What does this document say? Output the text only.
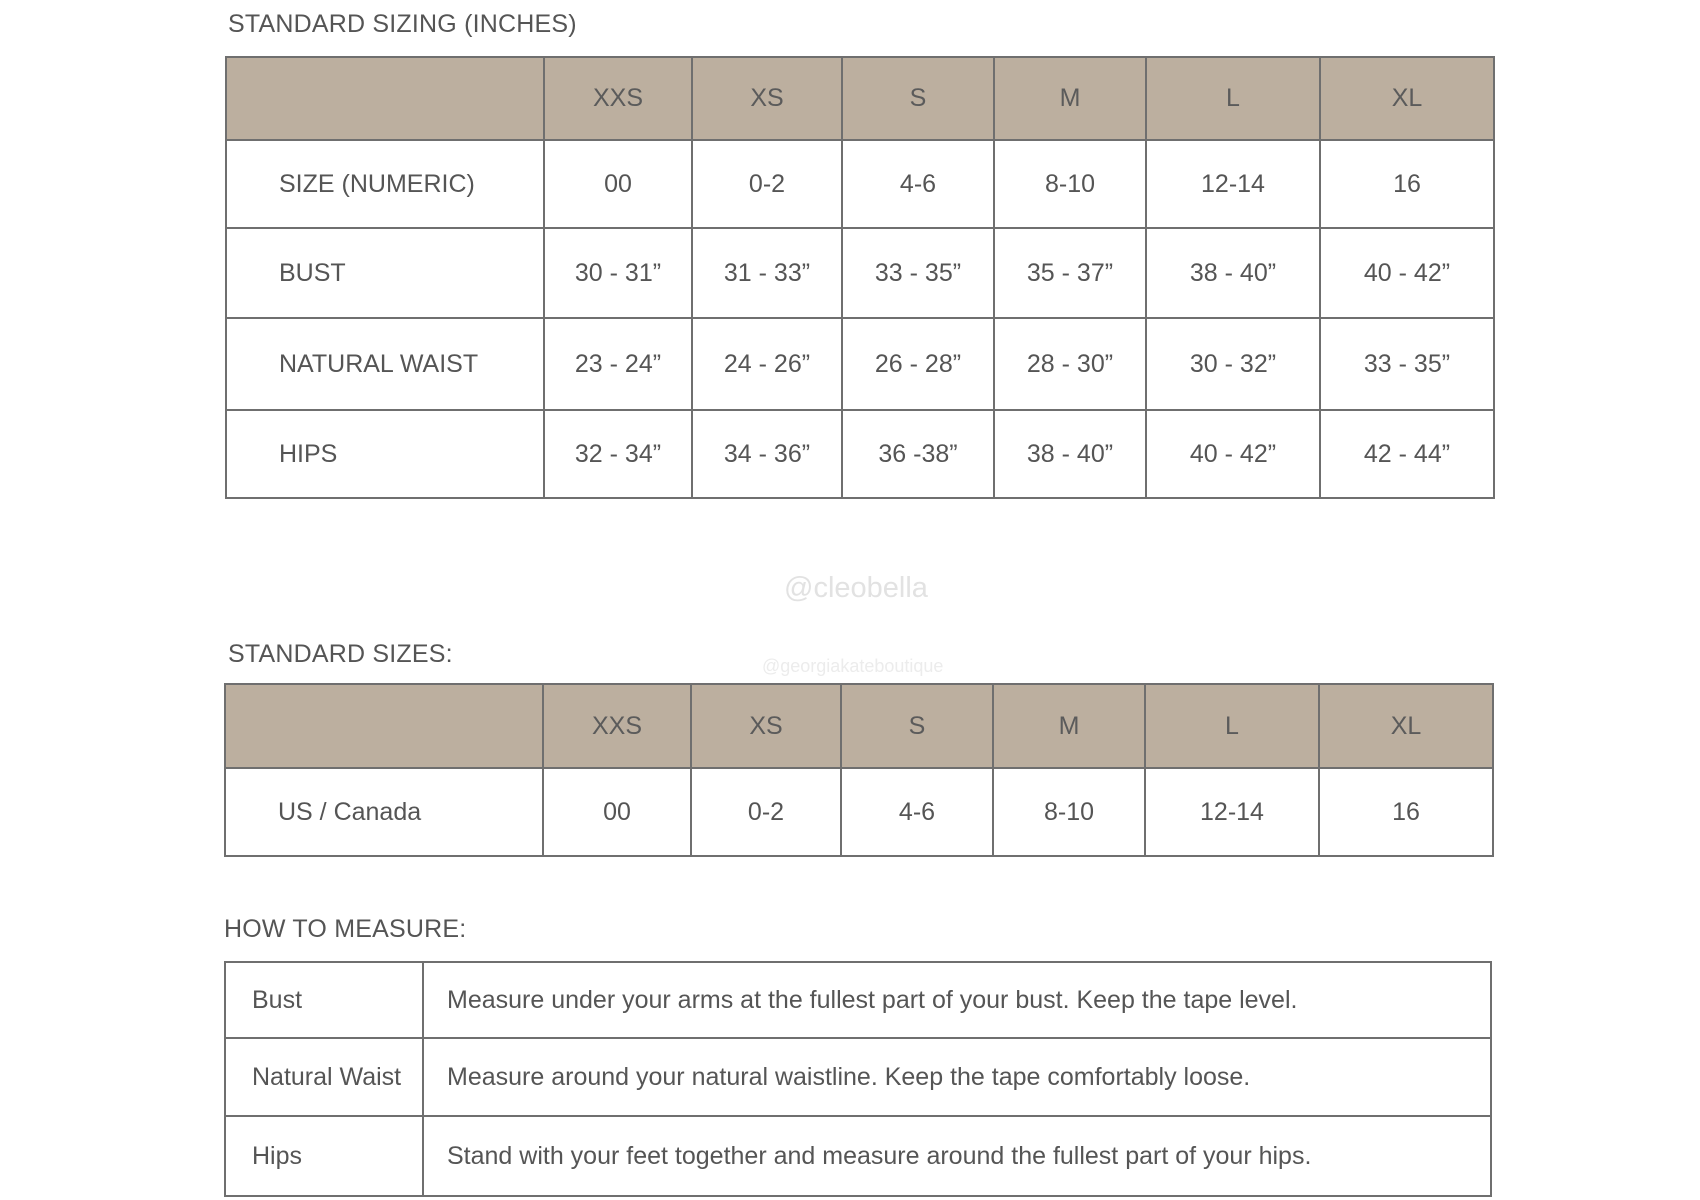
STANDARD SIZING (INCHES)
	XXS	XS	S	M	L	XL
SIZE (NUMERIC)	00	0-2	4-6	8-10	12-14	16
BUST	30 - 31”	31 - 33”	33 - 35”	35 - 37”	38 - 40”	40 - 42”
NATURAL WAIST	23 - 24”	24 - 26”	26 - 28”	28 - 30”	30 - 32”	33 - 35”
HIPS	32 - 34”	34 - 36”	36 -38”	38 - 40”	40 - 42”	42 - 44”
@cleobella
@georgiakateboutique
STANDARD SIZES:
	XXS	XS	S	M	L	XL
US / Canada	00	0-2	4-6	8-10	12-14	16
HOW TO MEASURE:
Bust	Measure under your arms at the fullest part of your bust. Keep the tape level.
Natural Waist	Measure around your natural waistline. Keep the tape comfortably loose.
Hips	Stand with your feet together and measure around the fullest part of your hips.
